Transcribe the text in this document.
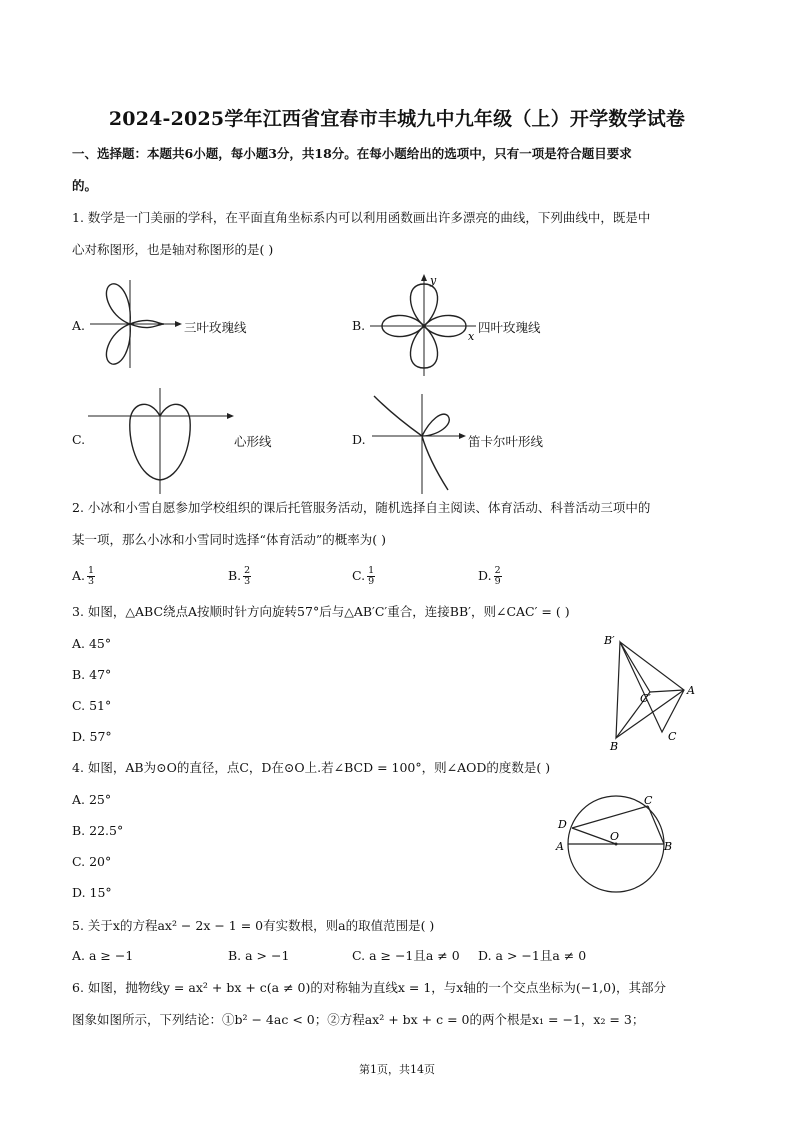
2024-2025学年江西省宜春市丰城九中九年级（上）开学数学试卷
一、选择题：本题共6小题，每小题3分，共18分。在每小题给出的选项中，只有一项是符合题目要求
的。
1. 数学是一门美丽的学科，在平面直角坐标系内可以利用函数画出许多漂亮的曲线，下列曲线中，既是中
心对称图形，也是轴对称图形的是( )
A.	三叶玫瑰线	B.
y
x
四叶玫瑰线
C.	心形线	D.	笛卡尔叶形线
2. 小冰和小雪自愿参加学校组织的课后托管服务活动，随机选择自主阅读、体育活动、科普活动三项中的
某一项，那么小冰和小雪同时选择“体育活动”的概率为( )
A. $\frac{1}{3}$	B. $\frac{2}{3}$	C. $\frac{1}{9}$	D. $\frac{2}{9}$
3. 如图，△ABC绕点A按顺时针方向旋转57°后与△AB′C′重合，连接BB′，则∠CAC′ = ( )
A. 45°
B. 47°
C. 51°
D. 57°
B′
C′
A
B
C
4. 如图，AB为⊙O的直径，点C，D在⊙O上.若∠BCD = 100°，则∠AOD的度数是( )
A. 25°
B. 22.5°
C. 20°
D. 15°
C
D
O
A	B
5. 关于x的方程ax² − 2x − 1 = 0有实数根，则a的取值范围是( )
A. a ≥ −1	B. a > −1	C. a ≥ −1且a ≠ 0 D. a > −1且a ≠ 0
6. 如图，抛物线y = ax² + bx + c(a ≠ 0)的对称轴为直线x = 1，与x轴的一个交点坐标为(−1,0)，其部分
图象如图所示，下列结论：①b² − 4ac < 0；②方程ax² + bx + c = 0的两个根是x₁ = −1，x₂ = 3；
第1页，共14页
